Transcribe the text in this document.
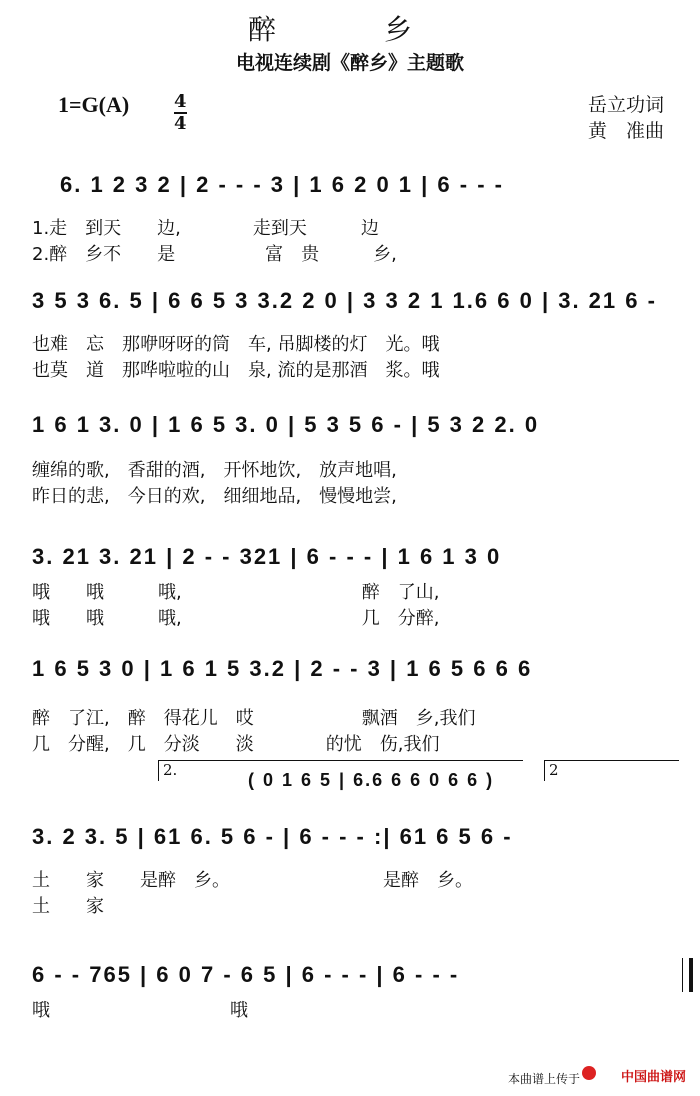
醉　乡
电视连续剧《醉乡》主题歌
1=G(A) 4
4
岳立功词
黄　准曲
6. 1 2 3 2 | 2 - - - 3 | 1 6 2 0 1 | 6 - - -
1.走　到天　　边,　　　　走到天　　　边
2.醉　乡不　　是　　　　　富　贵　　　乡,
3 5 3 6. 5 | 6 6 5 3 3.2 2 0 | 3 3 2 1 1.6 6 0 | 3. 21 6 -
也难　忘　那咿呀呀的筒　车, 吊脚楼的灯　光。哦
也莫　道　那哗啦啦的山　泉, 流的是那酒　浆。哦
1 6 1 3. 0 | 1 6 5 3. 0 | 5 3 5 6 - | 5 3 2 2. 0
缠绵的歌,　香甜的酒,　开怀地饮,　放声地唱,
昨日的悲,　今日的欢,　细细地品,　慢慢地尝,
3. 21 3. 21 | 2 - - 321 | 6 - - - | 1 6 1 3 0
哦　　哦　　　哦,　　　　　　　　　　醉　了山,
哦　　哦　　　哦,　　　　　　　　　　几　分醉,
1 6 5 3 0 | 1 6 1 5 3.2 | 2 - - 3 | 1 6 5 6 6 6
醉　了江,　醉　得花儿　哎　　　　　　飘酒　乡,我们
几　分醒,　几　分淡　　淡　　　　的忧　伤,我们
2.	2
( 0 1 6 5 | 6.6 6 6 0 6 6 )
3. 2 3. 5 | 61 6. 5 6 - | 6 - - - :| 61 6 5 6 -
土　　家　　是醉　乡。　　　　　　　　　是醉　乡。
土　　家
6 - - 765 | 6 0 7 - 6 5 | 6 - - - | 6 - - -
哦　　　　　　　　　　哦
本曲谱上传于	中国曲谱网
